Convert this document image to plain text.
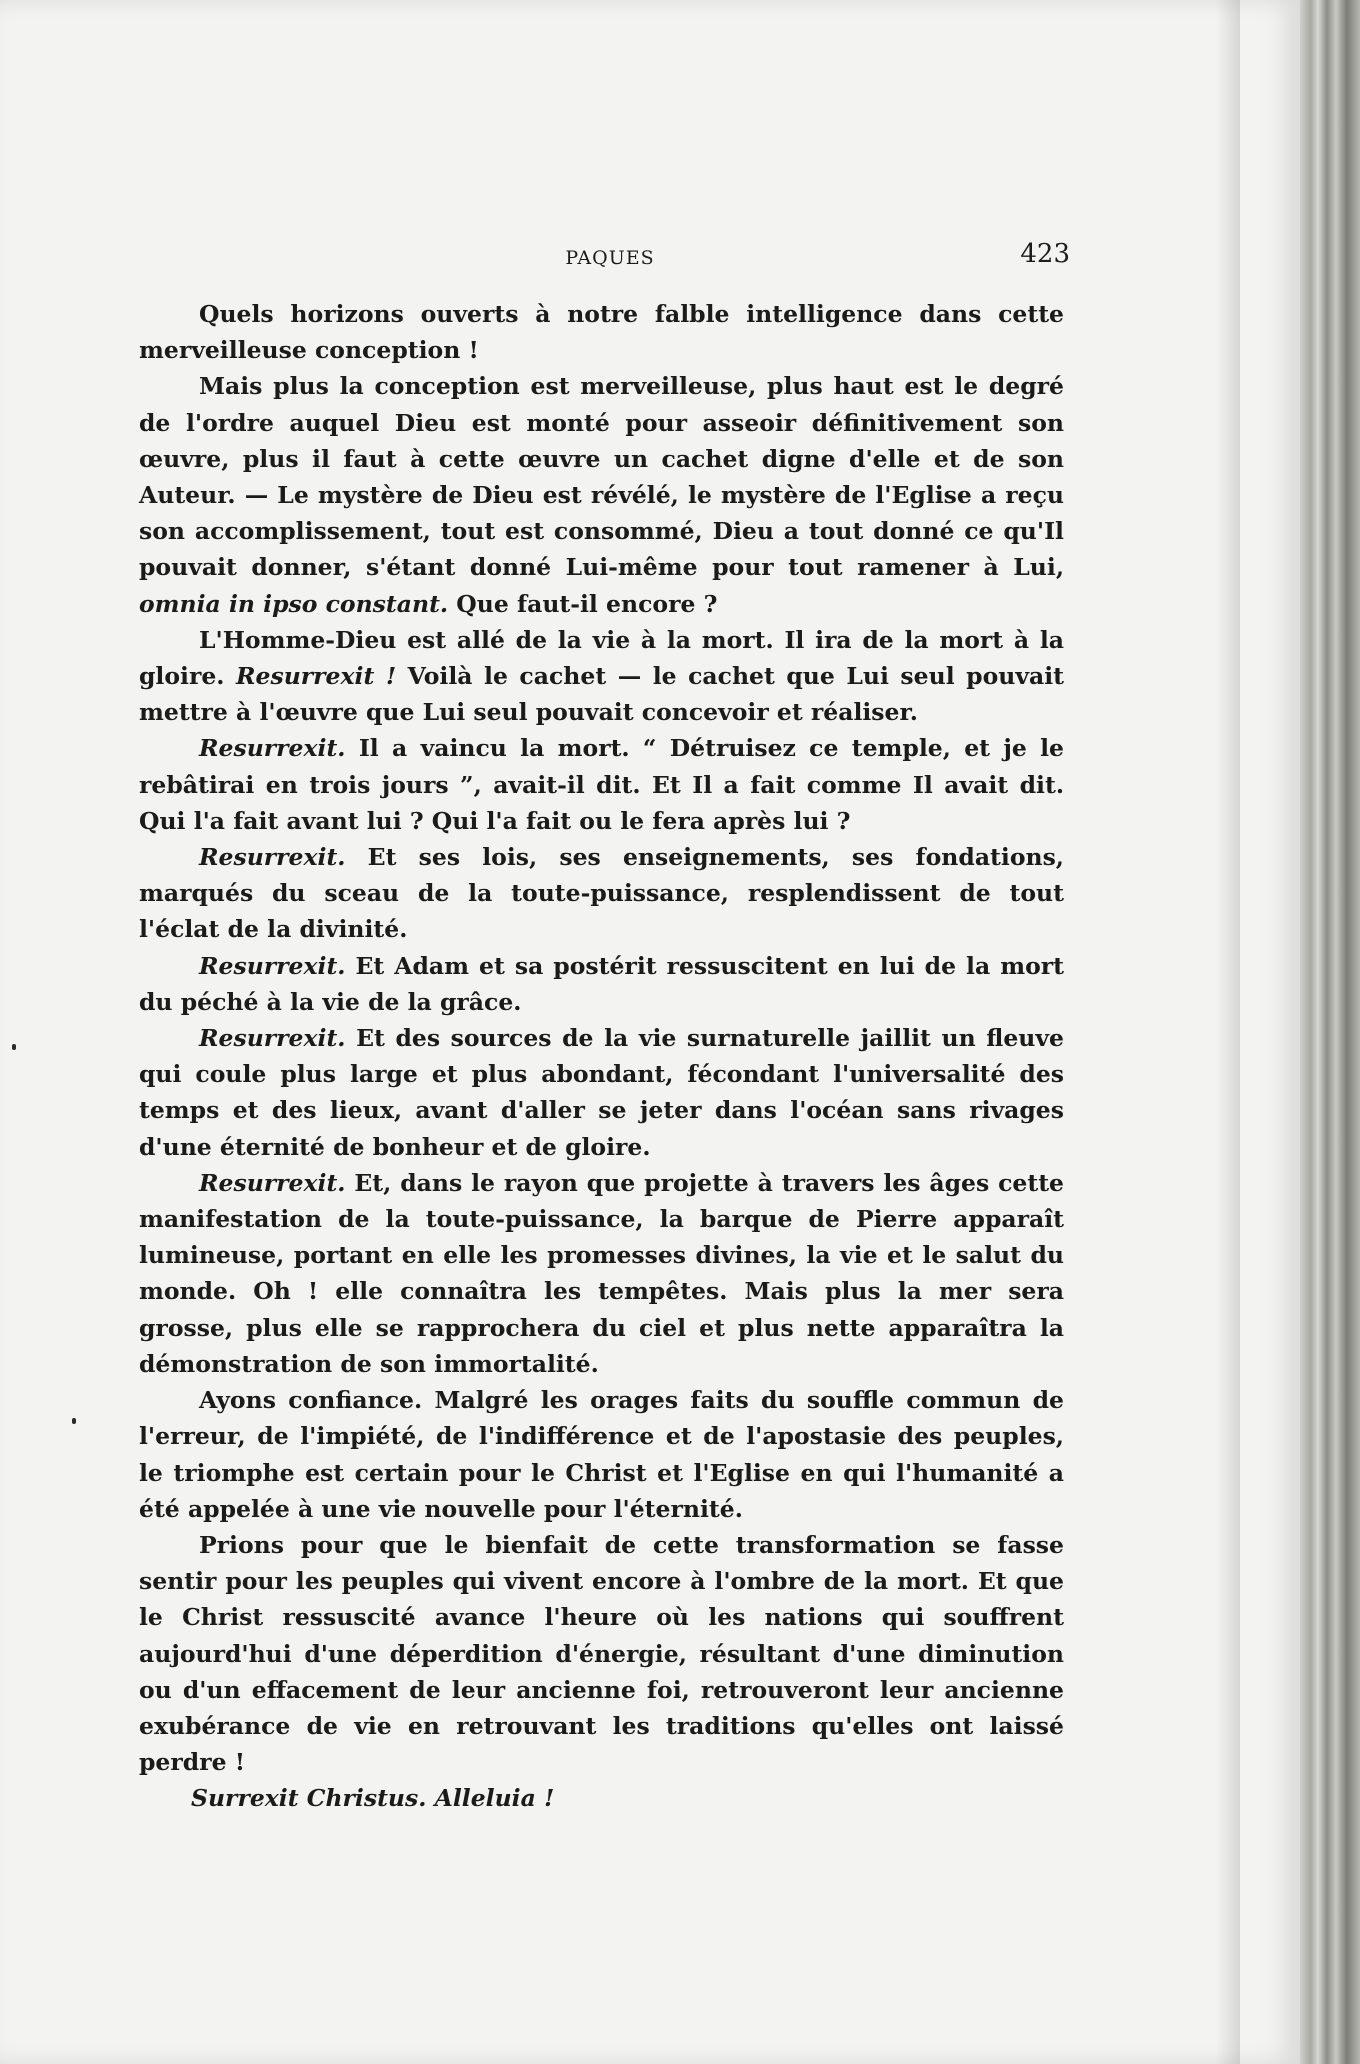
PAQUES	423

Quels horizons ouverts à notre falble intelligence dans cette merveilleuse conception !

Mais plus la conception est merveilleuse, plus haut est le degré de l'ordre auquel Dieu est monté pour asseoir définitivement son œuvre, plus il faut à cette œuvre un cachet digne d'elle et de son Auteur. — Le mystère de Dieu est révélé, le mystère de l'Eglise a reçu son accomplissement, tout est consommé, Dieu a tout donné ce qu'Il pouvait donner, s'étant donné Lui-même pour tout ramener à Lui, omnia in ipso constant. Que faut-il encore ?

L'Homme-Dieu est allé de la vie à la mort. Il ira de la mort à la gloire. Resurrexit ! Voilà le cachet — le cachet que Lui seul pouvait mettre à l'œuvre que Lui seul pouvait concevoir et réaliser.

Resurrexit. Il a vaincu la mort. “ Détruisez ce temple, et je le rebâtirai en trois jours ”, avait-il dit. Et Il a fait comme Il avait dit. Qui l'a fait avant lui ? Qui l'a fait ou le fera après lui ?

Resurrexit. Et ses lois, ses enseignements, ses fondations, marqués du sceau de la toute-puissance, resplendissent de tout l'éclat de la divinité.

Resurrexit. Et Adam et sa postérit ressuscitent en lui de la mort du péché à la vie de la grâce.

Resurrexit. Et des sources de la vie surnaturelle jaillit un fleuve qui coule plus large et plus abondant, fécondant l'universalité des temps et des lieux, avant d'aller se jeter dans l'océan sans rivages d'une éternité de bonheur et de gloire.

Resurrexit. Et, dans le rayon que projette à travers les âges cette manifestation de la toute-puissance, la barque de Pierre apparaît lumineuse, portant en elle les promesses divines, la vie et le salut du monde. Oh ! elle connaîtra les tempêtes. Mais plus la mer sera grosse, plus elle se rapprochera du ciel et plus nette apparaîtra la démonstration de son immortalité.

Ayons confiance. Malgré les orages faits du souffle commun de l'erreur, de l'impiété, de l'indifférence et de l'apostasie des peuples, le triomphe est certain pour le Christ et l'Eglise en qui l'humanité a été appelée à une vie nouvelle pour l'éternité.

Prions pour que le bienfait de cette transformation se fasse sentir pour les peuples qui vivent encore à l'ombre de la mort. Et que le Christ ressuscité avance l'heure où les nations qui souffrent aujourd'hui d'une déperdition d'énergie, résultant d'une diminution ou d'un effacement de leur ancienne foi, retrouveront leur ancienne exubérance de vie en retrouvant les traditions qu'elles ont laissé perdre !

Surrexit Christus. Alleluia !
